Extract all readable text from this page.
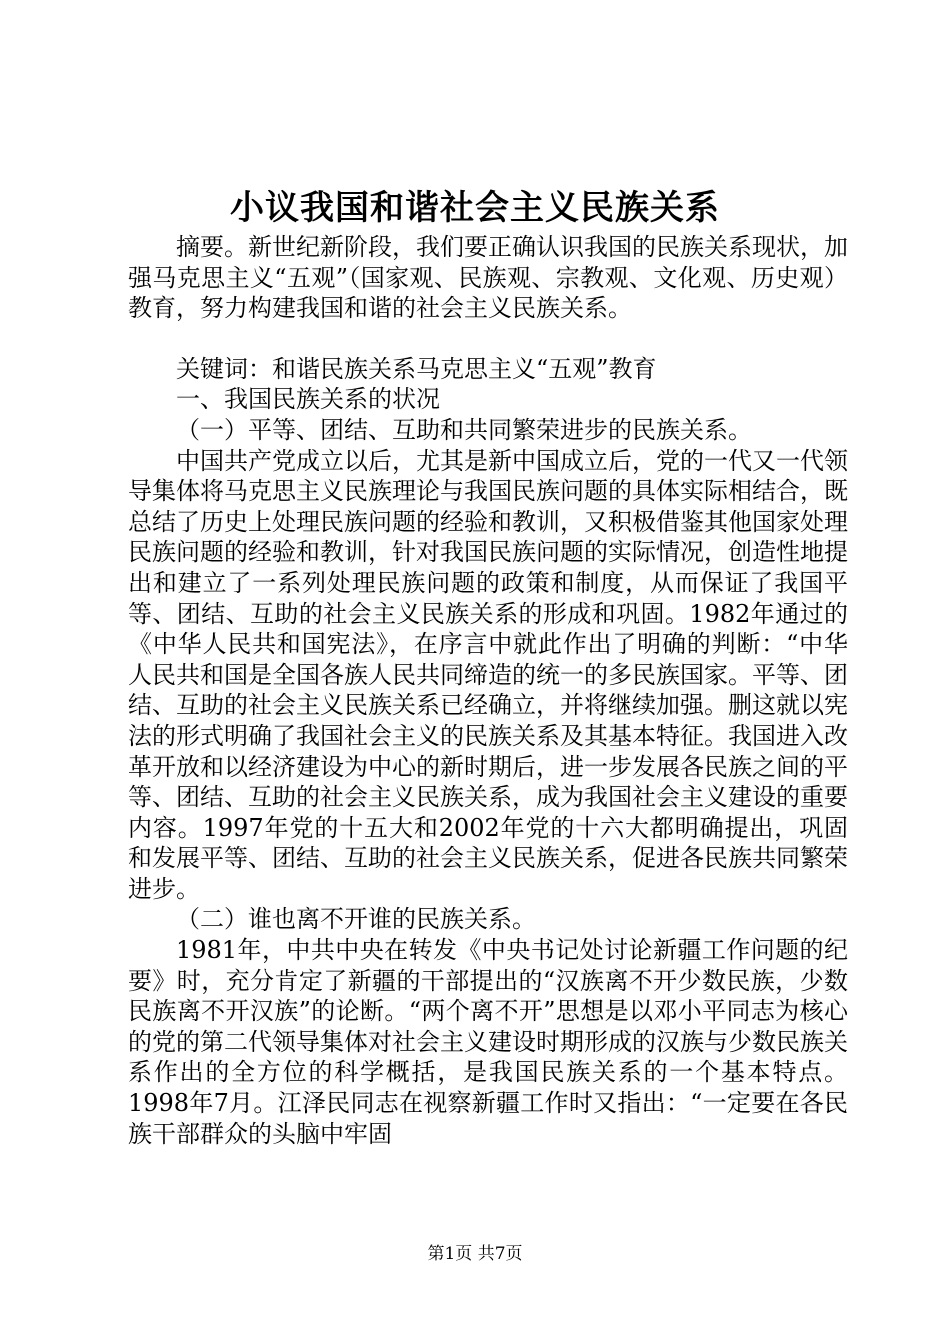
小议我国和谐社会主义民族关系

摘要。新世纪新阶段，我们要正确认识我国的民族关系现状，加强马克思主义“五观”（国家观、民族观、宗教观、文化观、历史观）教育，努力构建我国和谐的社会主义民族关系。

关键词：和谐民族关系马克思主义“五观”教育

一、我国民族关系的状况

（一）平等、团结、互助和共同繁荣进步的民族关系。

中国共产党成立以后，尤其是新中国成立后，党的一代又一代领导集体将马克思主义民族理论与我国民族问题的具体实际相结合，既总结了历史上处理民族问题的经验和教训，又积极借鉴其他国家处理民族问题的经验和教训，针对我国民族问题的实际情况，创造性地提出和建立了一系列处理民族问题的政策和制度，从而保证了我国平等、团结、互助的社会主义民族关系的形成和巩固。1982年通过的《中华人民共和国宪法》，在序言中就此作出了明确的判断：“中华人民共和国是全国各族人民共同缔造的统一的多民族国家。平等、团结、互助的社会主义民族关系已经确立，并将继续加强。删这就以宪法的形式明确了我国社会主义的民族关系及其基本特征。我国进入改革开放和以经济建设为中心的新时期后，进一步发展各民族之间的平等、团结、互助的社会主义民族关系，成为我国社会主义建设的重要内容。1997年党的十五大和2002年党的十六大都明确提出，巩固和发展平等、团结、互助的社会主义民族关系，促进各民族共同繁荣进步。

（二）谁也离不开谁的民族关系。

1981年，中共中央在转发《中央书记处讨论新疆工作问题的纪要》时，充分肯定了新疆的干部提出的“汉族离不开少数民族，少数民族离不开汉族”的论断。“两个离不开”思想是以邓小平同志为核心的党的第二代领导集体对社会主义建设时期形成的汉族与少数民族关系作出的全方位的科学概括，是我国民族关系的一个基本特点。1998年7月。江泽民同志在视察新疆工作时又指出：“一定要在各民族干部群众的头脑中牢固

第1页 共7页
